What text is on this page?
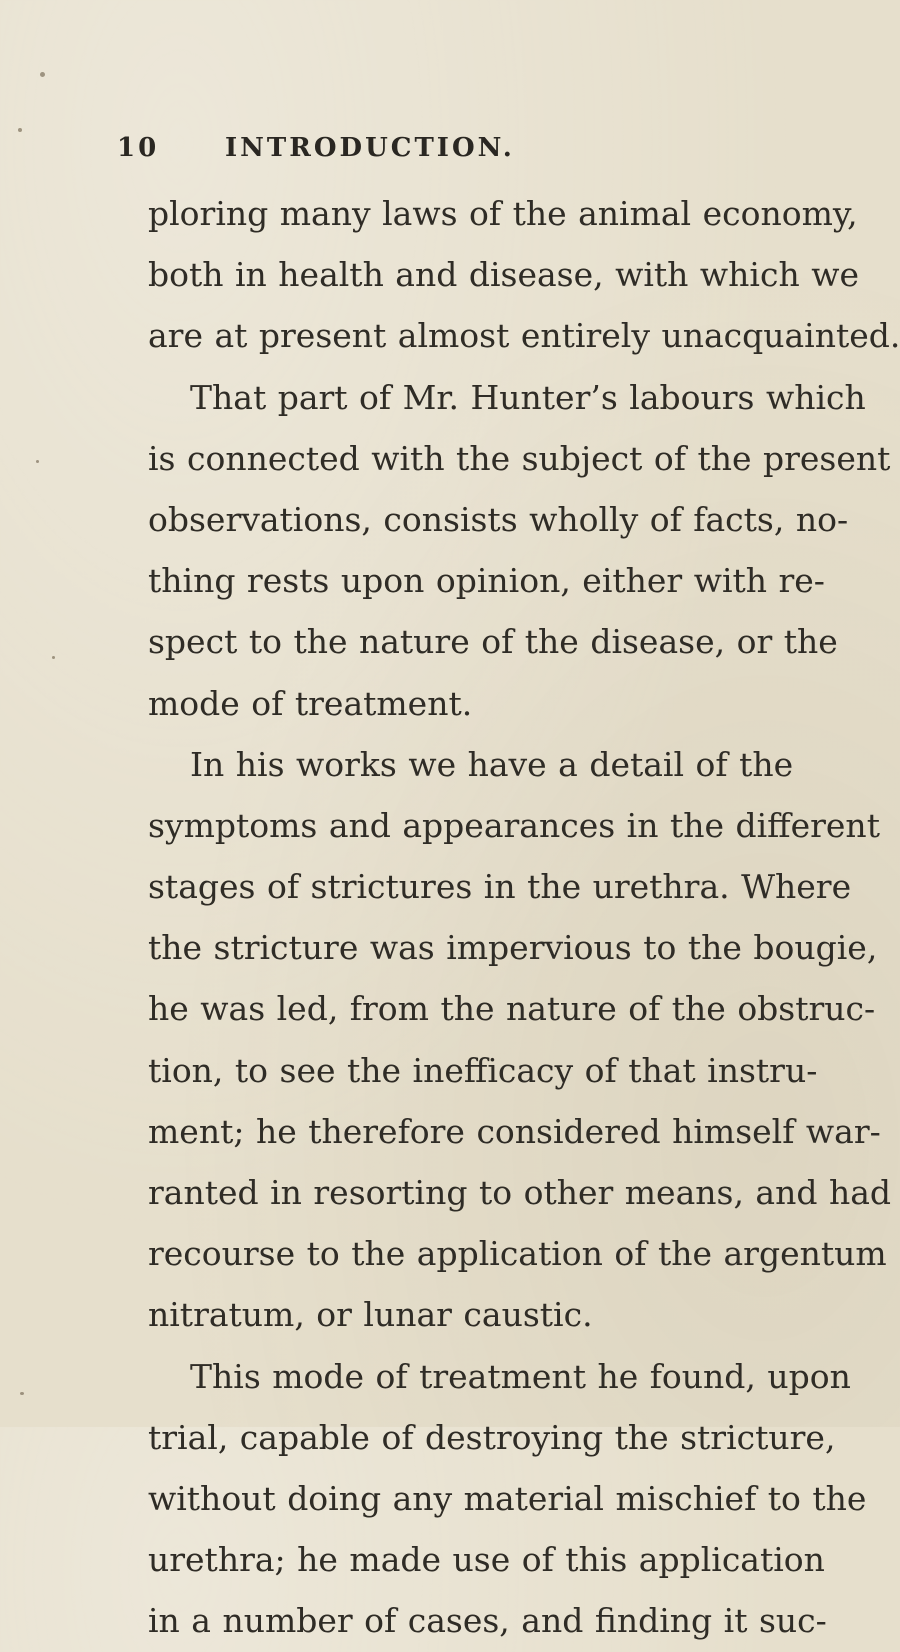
10	INTRODUCTION.
ploring many laws of the animal economy,
both in health and disease, with which we
are at present almost entirely unacquainted.
That part of Mr. Hunter’s labours which
is connected with the subject of the present
observations, consists wholly of facts, no-
thing rests upon opinion, either with re-
spect to the nature of the disease, or the
mode of treatment.
In his works we have a detail of the
symptoms and appearances in the different
stages of strictures in the urethra. Where
the stricture was impervious to the bougie,
he was led, from the nature of the obstruc-
tion, to see the inefficacy of that instru-
ment; he therefore considered himself war-
ranted in resorting to other means, and had
recourse to the application of the argentum
nitratum, or lunar caustic.
This mode of treatment he found, upon
trial, capable of destroying the stricture,
without doing any material mischief to the
urethra; he made use of this application
in a number of cases, and finding it suc-
